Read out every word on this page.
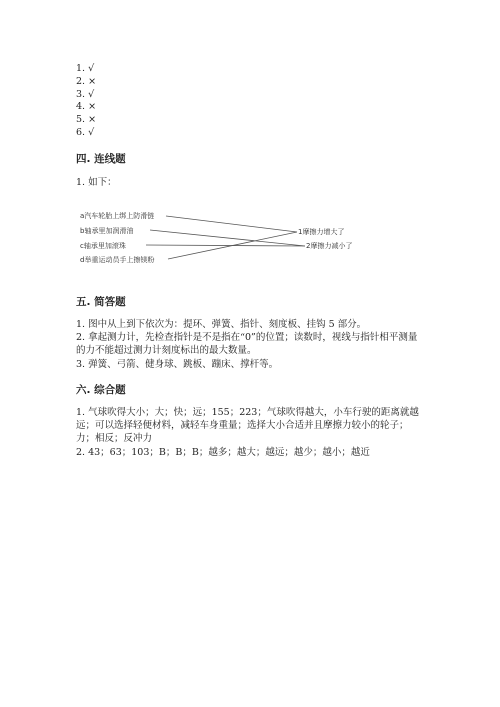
1. √
2. ×
3. √
4. ×
5. ×
6. √
四. 连线题
1. 如下：
a汽车轮胎上绑上防滑链
b轴承里加润滑油
c轴承里加滚珠
d举重运动员手上擦镁粉
1摩擦力增大了
2摩擦力减小了
五. 简答题

1. 图中从上到下依次为：提环、弹簧、指针、刻度板、挂钩 5 部分。

2. 拿起测力计，先检查指针是不是指在“0”的位置；读数时，视线与指针相平测量的力不能超过测力计刻度标出的最大数量。

3. 弹簧、弓箭、健身球、跳板、蹦床、撑杆等。

六. 综合题

1. 气球吹得大小；大；快；远；155；223；气球吹得越大，小车行驶的距离就越远；可以选择轻便材料，减轻车身重量；选择大小合适并且摩擦力较小的轮子；力；相反；反冲力

2. 43；63；103；B；B；B；越多；越大；越远；越少；越小；越近
